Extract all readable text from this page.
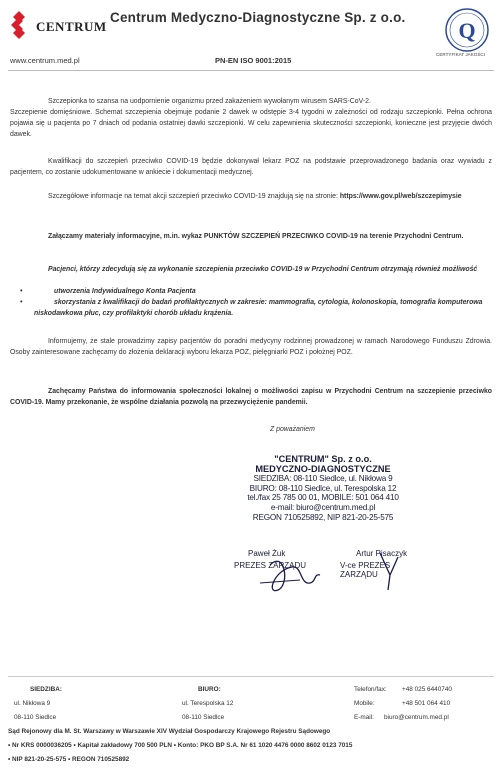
CENTRUM
Centrum Medyczno-Diagnostyczne Sp. z o.o.
Q
CERTYFIKAT JAKOŚCI
www.centrum.med.pl	PN-EN ISO 9001:2015
Szczepionka to szansa na uodpornienie organizmu przed zakażeniem wywołanym wirusem SARS-CoV-2.
Szczepienie domięśniowe. Schemat szczepienia obejmuje podanie 2 dawek w odstępie 3-4 tygodni w zależności od rodzaju szczepionki. Pełna ochrona pojawia się u pacjenta po 7 dniach od podania ostatniej dawki szczepionki. W celu zapewnienia skuteczności szczepionki, konieczne jest przyjęcie dwóch dawek.
Kwalifikacji do szczepień przeciwko COVID-19 będzie dokonywał lekarz POZ na podstawie przeprowadzonego badania oraz wywiadu z pacjentem, co zostanie udokumentowane w ankiecie i dokumentacji medycznej.
Szczegółowe informacje na temat akcji szczepień przeciwko COVID-19 znajdują się na stronie: https://www.gov.pl/web/szczepimysie
Załączamy materiały informacyjne, m.in. wykaz PUNKTÓW SZCZEPIEŃ PRZECIWKO COVID-19 na terenie Przychodni Centrum.
Pacjenci, którzy zdecydują się za wykonanie szczepienia przeciwko COVID-19 w Przychodni Centrum otrzymają również możliwość
•	utworzenia Indywidualnego Konta Pacjenta
•	skorzystania z kwalifikacji do badań profilaktycznych w zakresie: mammografia, cytologia, kolonoskopia, tomografia komputerowa niskodawkowa płuc, czy profilaktyki chorób układu krążenia.
Informujemy, że stale prowadzimy zapisy pacjentów do poradni medycyny rodzinnej prowadzonej w ramach Narodowego Funduszu Zdrowia. Osoby zainteresowane zachęcamy do złożenia deklaracji wyboru lekarza POZ, pielęgniarki POZ i położnej POZ.
Zachęcamy Państwa do informowania społeczności lokalnej o możliwości zapisu w Przychodni Centrum na szczepienie przeciwko COVID-19. Mamy przekonanie, że wspólne działania pozwolą na przezwyciężenie pandemii.
Z poważaniem
"CENTRUM" Sp. z o.o.
MEDYCZNO-DIAGNOSTYCZNE
SIEDZIBA: 08-110 Siedlce, ul. Nikłowa 9
BIURO: 08-110 Siedlce, ul. Terespolska 12
tel./fax 25 785 00 01, MOBILE: 501 064 410
e-mail: biuro@centrum.med.pl
REGON 710525892, NIP 821-20-25-575
Paweł Żuk	Artur Pisaczyk
PREZES ZARZĄDU	V-ce PREZES ZARZĄDU
SIEDZIBA:
ul. Nikłowa 9
08-110 Siedlce
BIURO:
ul. Terespolska 12
08-110 Siedlce
Telefon/fax: +48 025 6440740
Mobile:	+48 501 064 410
E-mail: biuro@centrum.med.pl
Sąd Rejonowy dla M. St. Warszawy w Warszawie XIV Wydział Gospodarczy Krajowego Rejestru Sądowego
• Nr KRS 0000036205 • Kapitał zakładowy 700 500 PLN • Konto: PKO BP S.A. Nr 61 1020 4476 0000 8602 0123 7015
• NIP 821-20-25-575 • REGON 710525892
